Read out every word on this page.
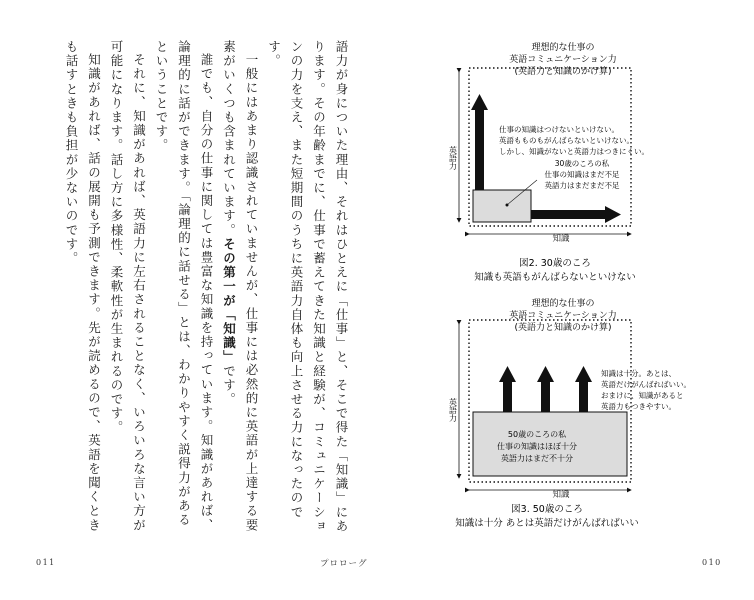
語力が身についた理由、それはひとえに「仕事」と、そこで得た「知識」にあります。その年齢までに、仕事で蓄えてきた知識と経験が、コミュニケーションの力を支え、また短期間のうちに英語力自体も向上させる力になったのです。

一般にはあまり認識されていませんが、仕事には必然的に英語が上達する要素がいくつも含まれています。その第一が「知識」です。

誰でも、自分の仕事に関しては豊富な知識を持っています。知識があれば、論理的に話ができます。「論理的に話せる」とは、わかりやすく説得力があるということです。

それに、知識があれば、英語力に左右されることなく、いろいろな言い方が可能になります。話し方に多様性、柔軟性が生まれるのです。

知識があれば、話の展開も予測できます。先が読めるので、英語を聞くときも話すときも負担が少ないのです。

011	プロローグ
理想的な仕事の
英語コミュニケーション力
(英語力と知識のかけ算)
英語力
知識
仕事の知識はつけないといけない。
英語もものもがんばらないといけない。
しかし、知識がないと英語力はつきにくい。
30歳のころの私
仕事の知識はまだ不足
英語力はまだまだ不足
図2. 30歳のころ
知識も英語もがんばらないといけない
理想的な仕事の
英語コミュニケーション力
(英語力と知識のかけ算)
英語力
知識
知識は十分。あとは、
英語だけがんばればいい。
おまけに、知識があると
英語力もつきやすい。
50歳のころの私
仕事の知識はほぼ十分
英語力はまだ不十分
図3. 50歳のころ
知識は十分 あとは英語だけがんばればいい
010
